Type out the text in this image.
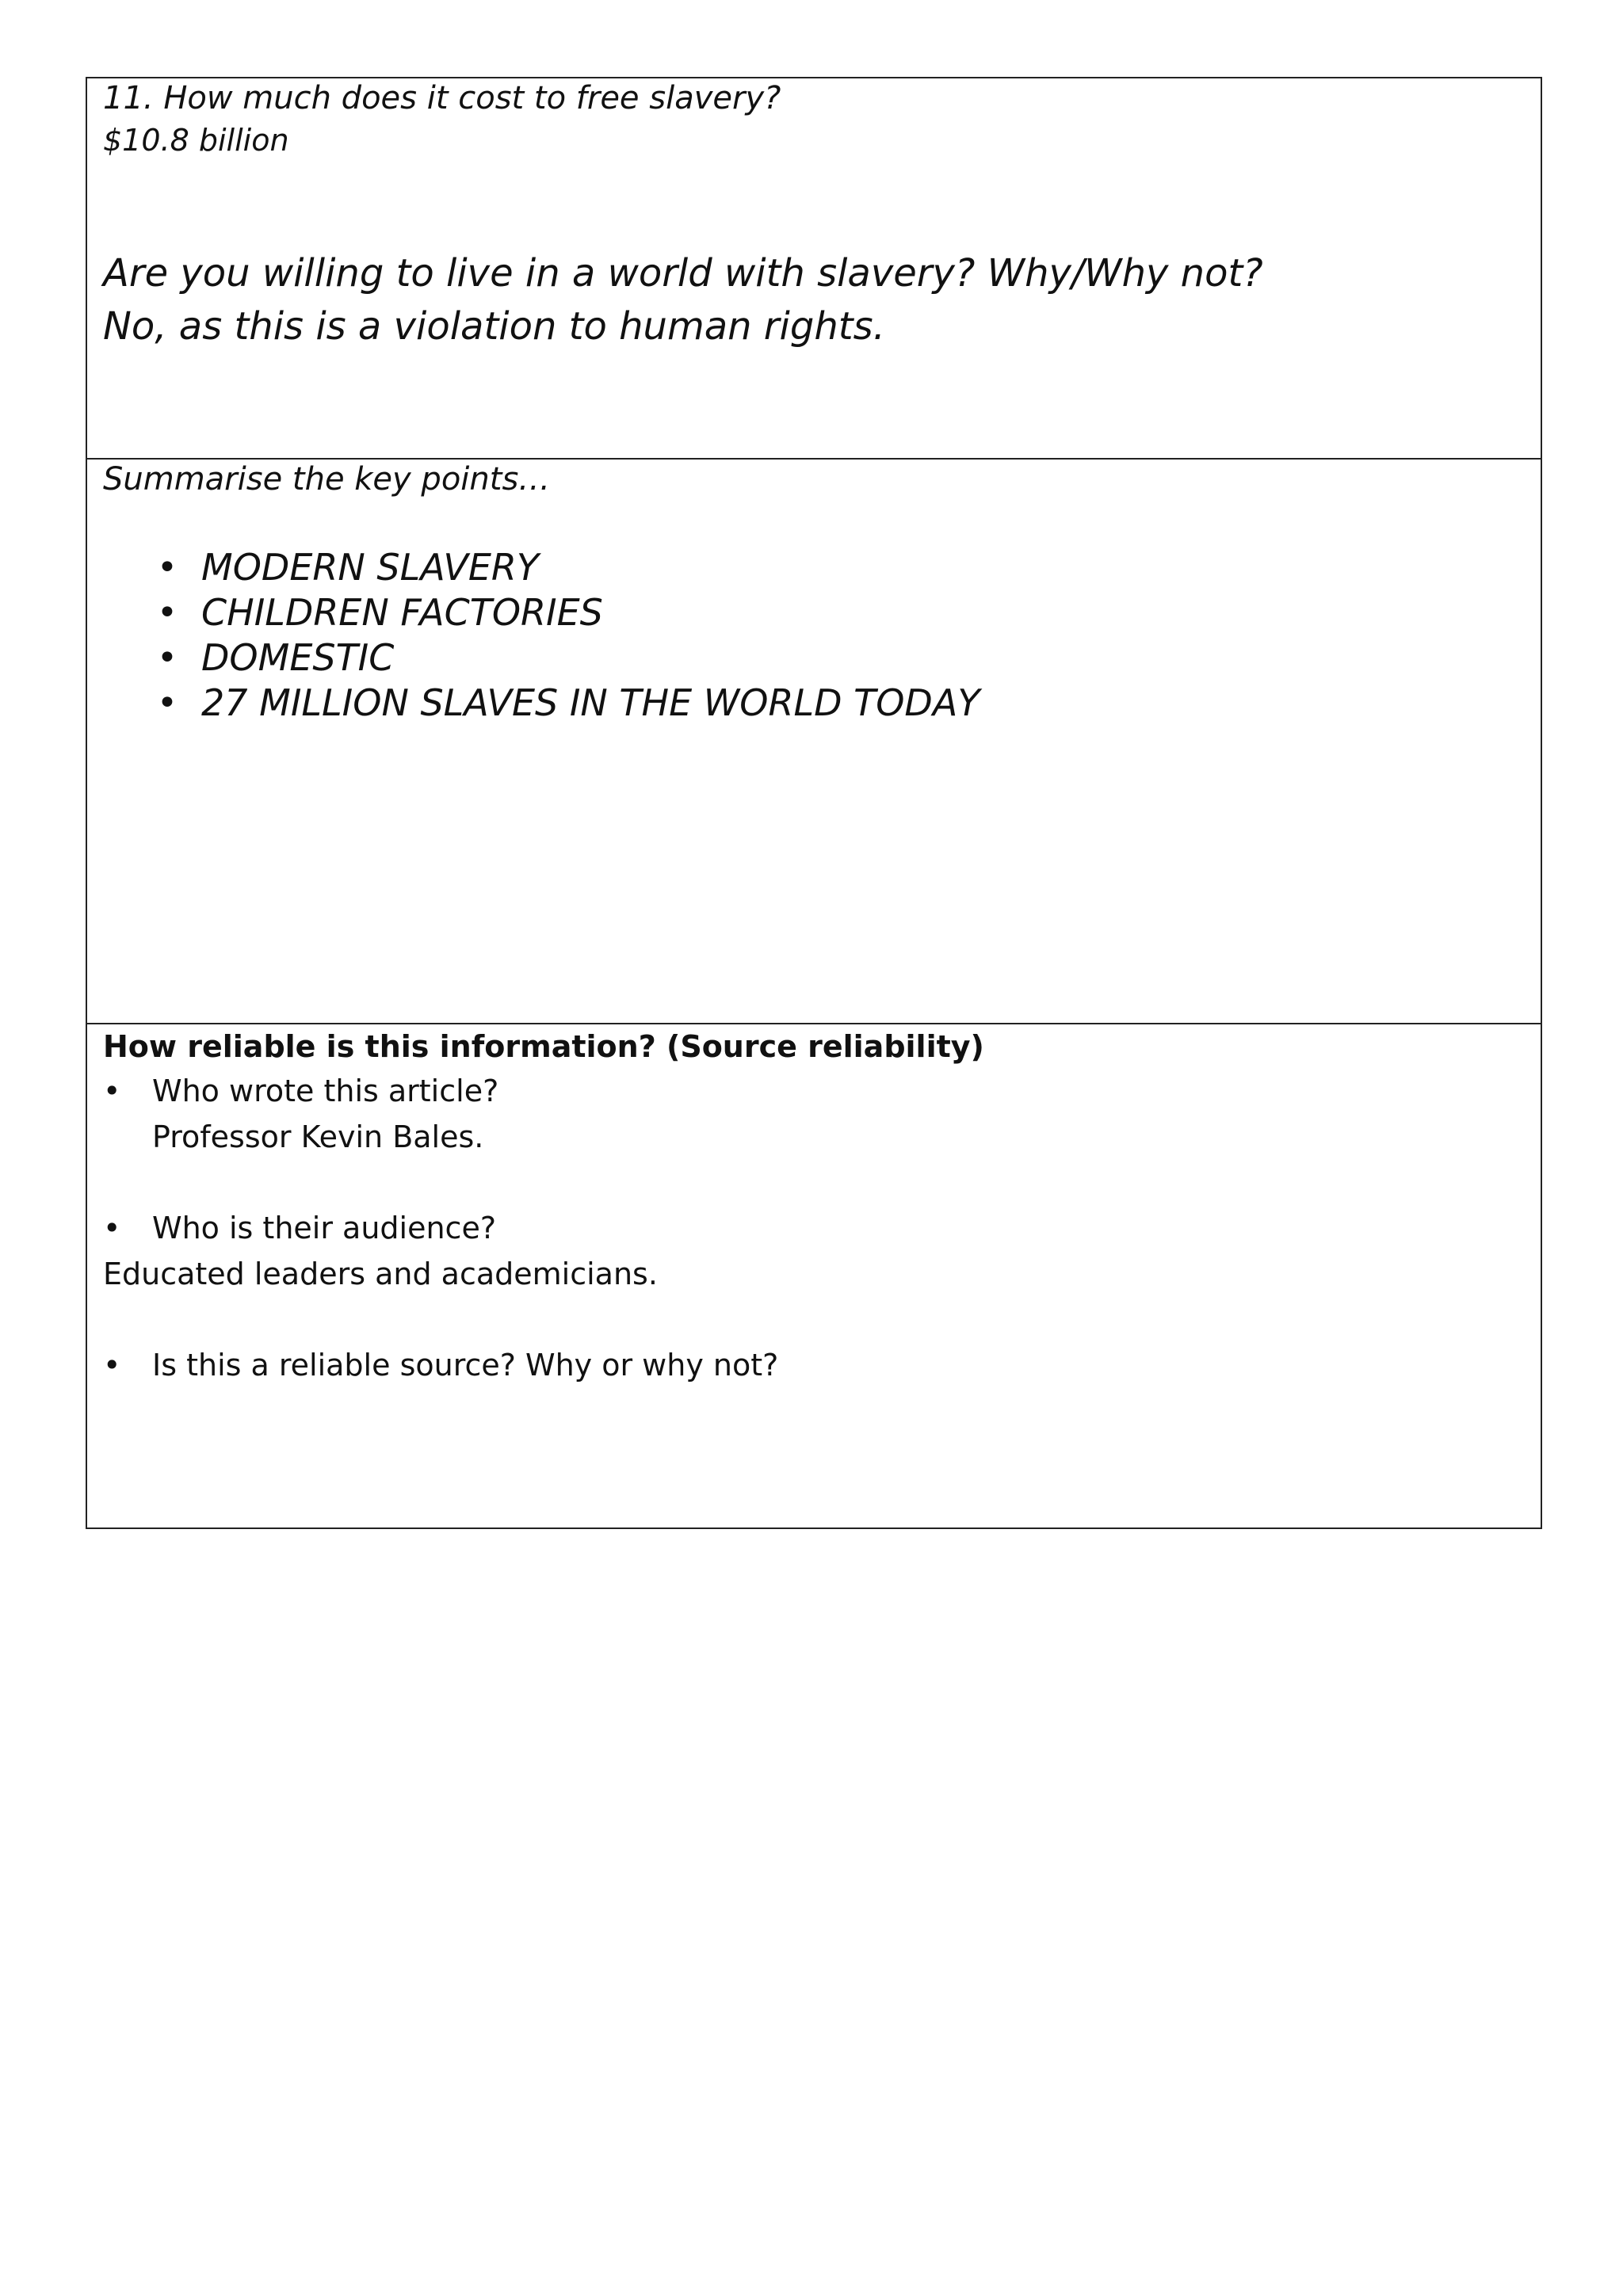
11. How much does it cost to free slavery?
$10.8 billion
Are you willing to live in a world with slavery? Why/Why not?
No, as this is a violation to human rights.
Summarise the key points…
• MODERN SLAVERY
• CHILDREN FACTORIES
• DOMESTIC
• 27 MILLION SLAVES IN THE WORLD TODAY
How reliable is this information? (Source reliability)
• Who wrote this article?
Professor Kevin Bales.
• Who is their audience?
Educated leaders and academicians.
• Is this a reliable source? Why or why not?
